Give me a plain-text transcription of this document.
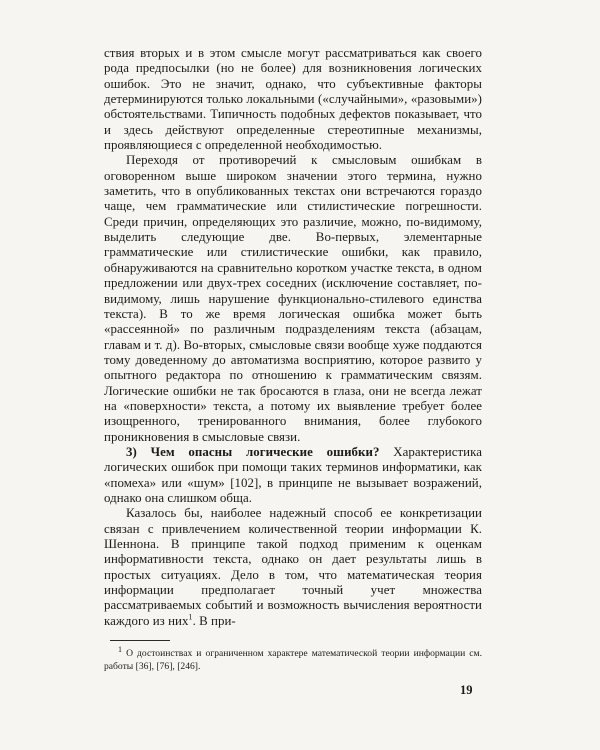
ствия вторых и в этом смысле могут рассматриваться как своего рода предпосылки (но не более) для возникновения логических ошибок. Это не значит, однако, что субъективные факторы детерминируются только локальными («случайными», «разовыми») обстоятельствами. Типичность подобных дефектов показывает, что и здесь действуют определенные стереотипные механизмы, проявляющиеся с определенной необходимостью.

Переходя от противоречий к смысловым ошибкам в оговоренном выше широком значении этого термина, нужно заметить, что в опубликованных текстах они встречаются гораздо чаще, чем грамматические или стилистические погрешности. Среди причин, определяющих это различие, можно, по-видимому, выделить следующие две. Во-первых, элементарные грамматические или стилистические ошибки, как правило, обнаруживаются на сравнительно коротком участке текста, в одном предложении или двух-трех соседних (исключение составляет, по-видимому, лишь нарушение функционально-стилевого единства текста). В то же время логическая ошибка может быть «рассеянной» по различным подразделениям текста (абзацам, главам и т. д). Во-вторых, смысловые связи вообще хуже поддаются тому доведенному до автоматизма восприятию, которое развито у опытного редактора по отношению к грамматическим связям. Логические ошибки не так бросаются в глаза, они не всегда лежат на «поверхности» текста, а потому их выявление требует более изощренного, тренированного внимания, более глубокого проникновения в смысловые связи.

3) Чем опасны логические ошибки? Характеристика логических ошибок при помощи таких терминов информатики, как «помеха» или «шум» [102], в принципе не вызывает возражений, однако она слишком общa.

Казалось бы, наиболее надежный способ ее конкретизации связан с привлечением количественной теории информации К. Шеннона. В принципе такой подход применим к оценкам информативности текста, однако он дает результаты лишь в простых ситуациях. Дело в том, что математическая теория информации предполагает точный учет множества рассматриваемых событий и возможность вычисления вероятности каждого из них$^1$. В при-

$^1$ О достоинствах и ограниченном характере математической теории информации см. работы [36], [76], [246].
19
